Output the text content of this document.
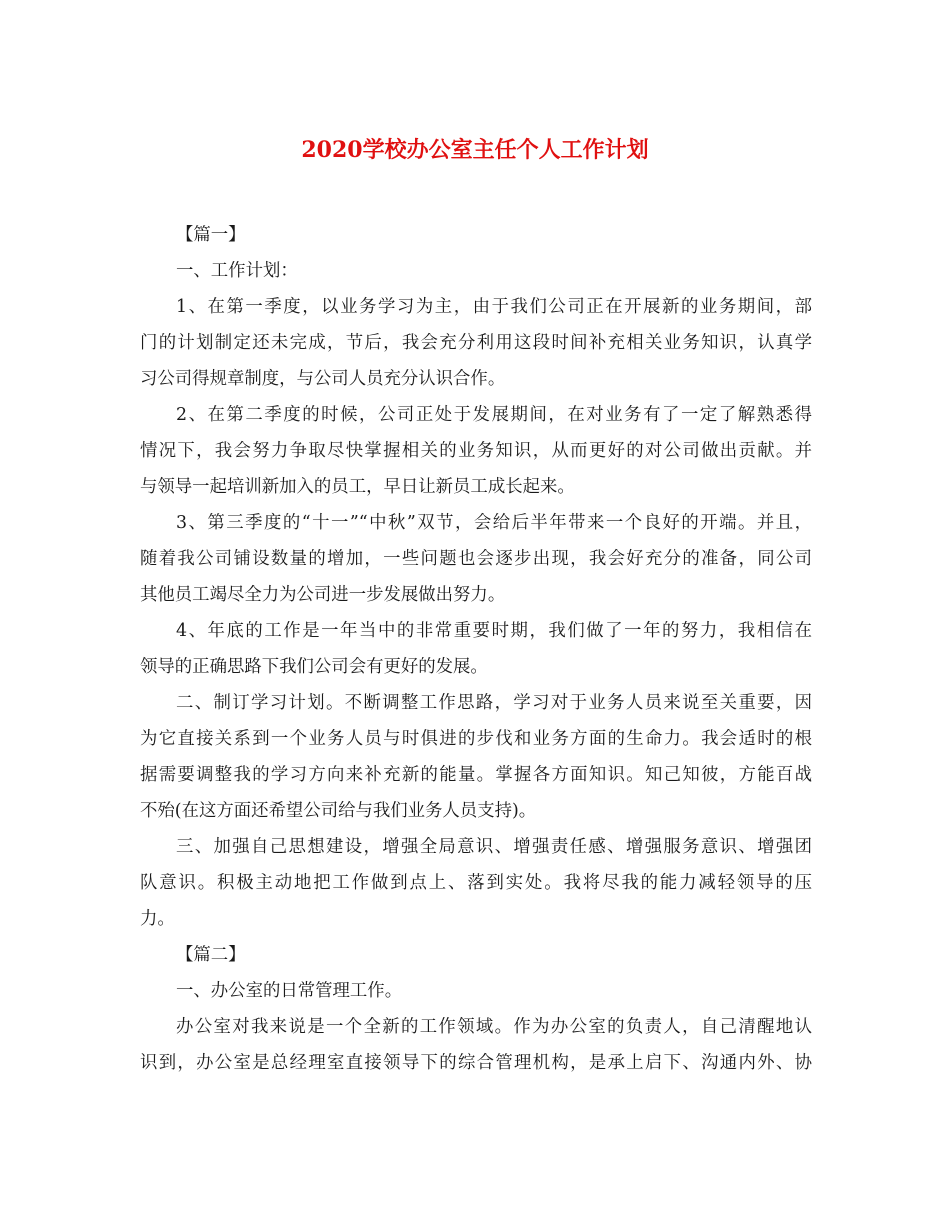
2020学校办公室主任个人工作计划
【篇一】
一、工作计划：
1、在第一季度，以业务学习为主，由于我们公司正在开展新的业务期间，部
门的计划制定还未完成，节后，我会充分利用这段时间补充相关业务知识，认真学
习公司得规章制度，与公司人员充分认识合作。
2、在第二季度的时候，公司正处于发展期间，在对业务有了一定了解熟悉得
情况下，我会努力争取尽快掌握相关的业务知识，从而更好的对公司做出贡献。并
与领导一起培训新加入的员工，早日让新员工成长起来。
3、第三季度的“十一”“中秋”双节，会给后半年带来一个良好的开端。并且，
随着我公司铺设数量的增加，一些问题也会逐步出现，我会好充分的准备，同公司
其他员工竭尽全力为公司进一步发展做出努力。
4、年底的工作是一年当中的非常重要时期，我们做了一年的努力，我相信在
领导的正确思路下我们公司会有更好的发展。
二、制订学习计划。不断调整工作思路，学习对于业务人员来说至关重要，因
为它直接关系到一个业务人员与时俱进的步伐和业务方面的生命力。我会适时的根
据需要调整我的学习方向来补充新的能量。掌握各方面知识。知己知彼，方能百战
不殆(在这方面还希望公司给与我们业务人员支持)。
三、加强自己思想建设，增强全局意识、增强责任感、增强服务意识、增强团
队意识。积极主动地把工作做到点上、落到实处。我将尽我的能力减轻领导的压
力。
【篇二】
一、办公室的日常管理工作。
办公室对我来说是一个全新的工作领域。作为办公室的负责人，自己清醒地认
识到，办公室是总经理室直接领导下的综合管理机构，是承上启下、沟通内外、协
